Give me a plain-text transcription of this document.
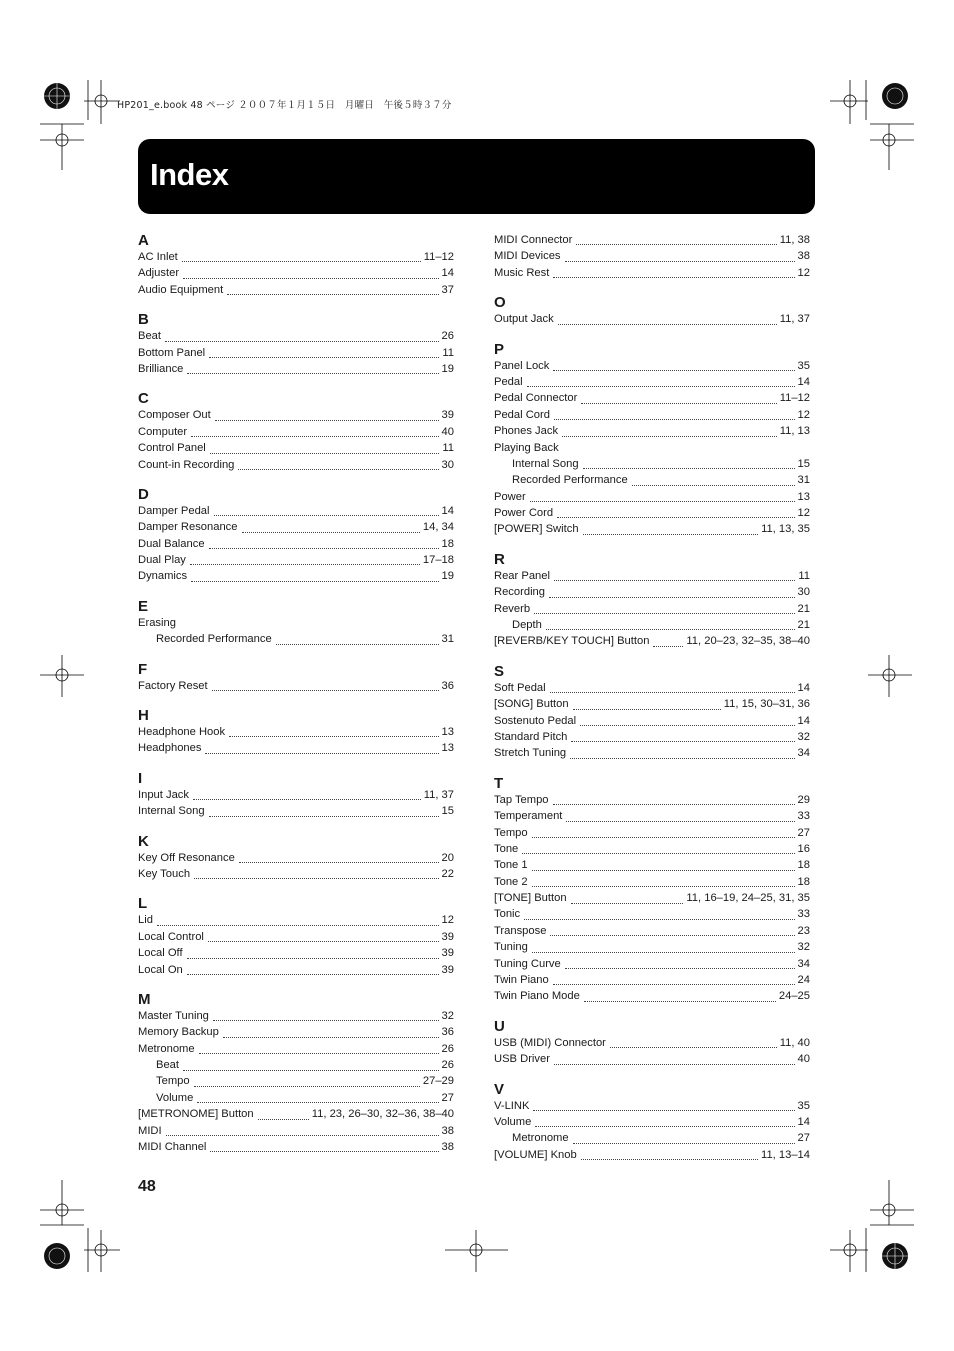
HP201_e.book 48 ページ ２００７年１月１５日　月曜日　午後５時３７分
Index
A
AC Inlet	11–12
Adjuster	14
Audio Equipment	37
B
Beat	26
Bottom Panel	11
Brilliance	19
C
Composer Out	39
Computer	40
Control Panel	11
Count-in Recording	30
D
Damper Pedal	14
Damper Resonance	14, 34
Dual Balance	18
Dual Play	17–18
Dynamics	19
E
Erasing
Recorded Performance	31
F
Factory Reset	36
H
Headphone Hook	13
Headphones	13
I
Input Jack	11, 37
Internal Song	15
K
Key Off Resonance	20
Key Touch	22
L
Lid	12
Local Control	39
Local Off	39
Local On	39
M
Master Tuning	32
Memory Backup	36
Metronome	26
Beat	26
Tempo	27–29
Volume	27
[METRONOME] Button	11, 23, 26–30, 32–36, 38–40
MIDI	38
MIDI Channel	38
MIDI Connector	11, 38
MIDI Devices	38
Music Rest	12
O
Output Jack	11, 37
P
Panel Lock	35
Pedal	14
Pedal Connector	11–12
Pedal Cord	12
Phones Jack	11, 13
Playing Back
Internal Song	15
Recorded Performance	31
Power	13
Power Cord	12
[POWER] Switch	11, 13, 35
R
Rear Panel	11
Recording	30
Reverb	21
Depth	21
[REVERB/KEY TOUCH] Button	11, 20–23, 32–35, 38–40
S
Soft Pedal	14
[SONG] Button	11, 15, 30–31, 36
Sostenuto Pedal	14
Standard Pitch	32
Stretch Tuning	34
T
Tap Tempo	29
Temperament	33
Tempo	27
Tone	16
Tone 1	18
Tone 2	18
[TONE] Button	11, 16–19, 24–25, 31, 35
Tonic	33
Transpose	23
Tuning	32
Tuning Curve	34
Twin Piano	24
Twin Piano Mode	24–25
U
USB (MIDI) Connector	11, 40
USB Driver	40
V
V-LINK	35
Volume	14
Metronome	27
[VOLUME] Knob	11, 13–14
48
